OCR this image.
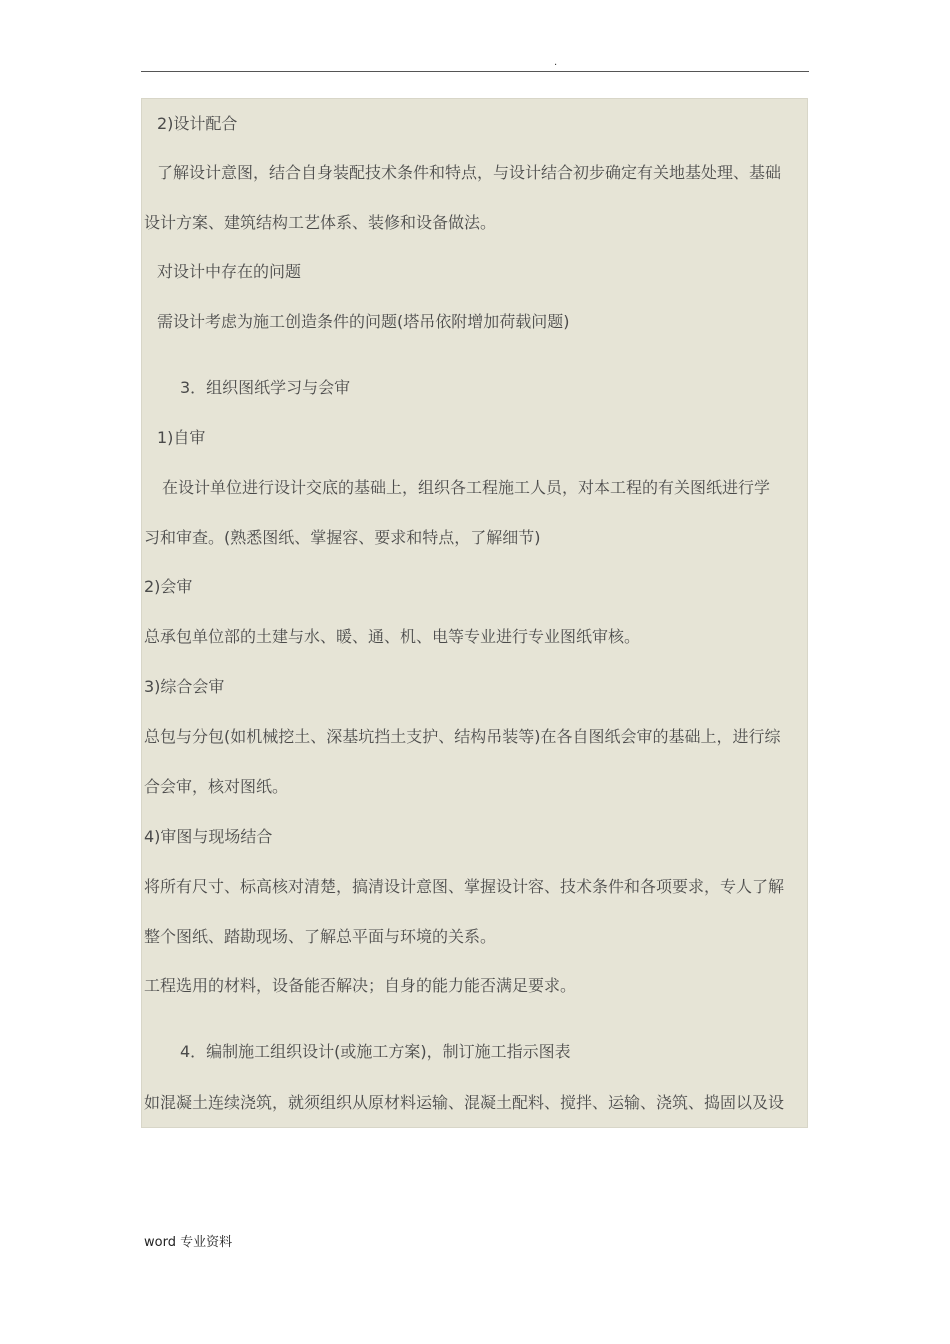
.
2)设计配合
了解设计意图，结合自身装配技术条件和特点，与设计结合初步确定有关地基处理、基础
设计方案、建筑结构工艺体系、装修和设备做法。
对设计中存在的问题
需设计考虑为施工创造条件的问题(塔吊依附增加荷载问题)
3．组织图纸学习与会审
1)自审
在设计单位进行设计交底的基础上，组织各工程施工人员，对本工程的有关图纸进行学
习和审查。(熟悉图纸、掌握容、要求和特点，了解细节)
2)会审
总承包单位部的土建与水、暖、通、机、电等专业进行专业图纸审核。
3)综合会审
总包与分包(如机械挖土、深基坑挡土支护、结构吊装等)在各自图纸会审的基础上，进行综
合会审，核对图纸。
4)审图与现场结合
将所有尺寸、标高核对清楚，搞清设计意图、掌握设计容、技术条件和各项要求，专人了解
整个图纸、踏勘现场、了解总平面与环境的关系。
工程选用的材料，设备能否解决；自身的能力能否满足要求。
4．编制施工组织设计(或施工方案)，制订施工指示图表
如混凝土连续浇筑，就须组织从原材料运输、混凝土配料、搅拌、运输、浇筑、捣固以及设
word 专业资料
